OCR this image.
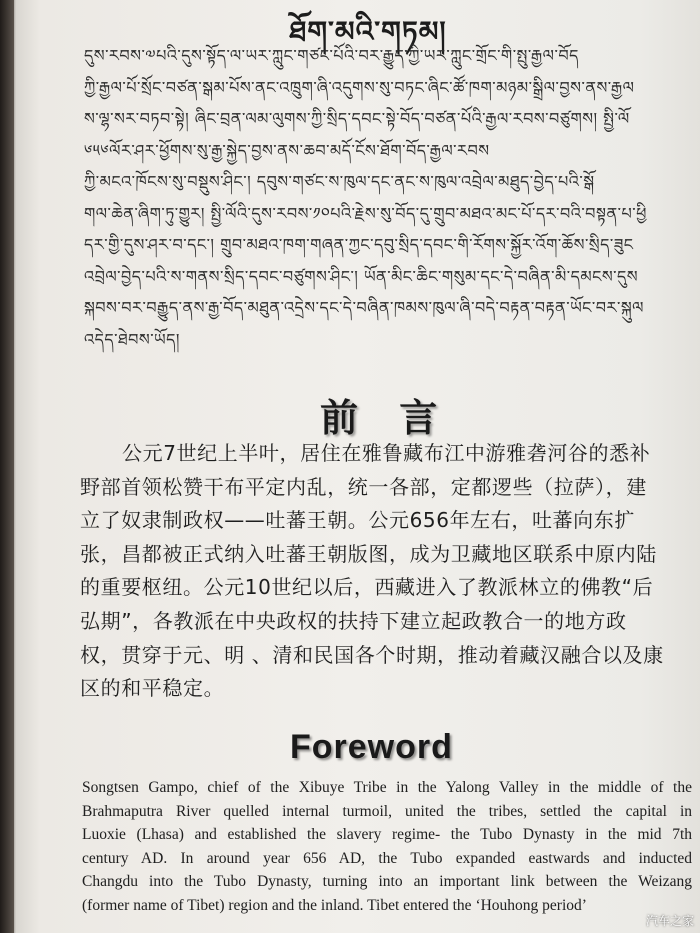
ཐོག་མའི་གཏམ།
དུས་རབས་༧པའི་དུས་སྟོད་ལ་ཡར་ཀླུང་གཙང་པོའི་བར་རྒྱུད་ཀྱི་ཡར་ཀླུང་གྲོང་གི་སྤུ་རྒྱལ་བོད
ཀྱི་རྒྱལ་པོ་སྲོང་བཙན་སྒམ་པོས་ནང་འཁྲུག་ཞི་འདུགས་སུ་བཏང་ཞིང་ཚོ་ཁག་མཉམ་སྒྲིལ་བྱས་ནས་རྒྱལ
ས་ལྷ་སར་བཏབ་སྟེ། ཞིང་བྲན་ལམ་ལུགས་ཀྱི་སྲིད་དབང་སྟེ་བོད་བཙན་པོའི་རྒྱལ་རབས་བཙུགས། སྤྱི་ལོ
༦༥༦ལོར་ཤར་ཕྱོགས་སུ་རྒྱ་སྐྱེད་བྱས་ནས་ཆབ་མདོ་ངོས་ཐོག་བོད་རྒྱལ་རབས
ཀྱི་མངའ་ཁོངས་སུ་བསྡུས་ཤིང་། དབུས་གཙང་ས་ཁུལ་དང་ནང་ས་ཁུལ་འབྲེལ་མཐུད་བྱེད་པའི་སྒོ
གལ་ཆེན་ཞིག་ཏུ་གྱུར། སྤྱི་ལོའི་དུས་རབས་༡༠པའི་རྗེས་སུ་བོད་དུ་གྲུབ་མཐའ་མང་པོ་དར་བའི་བསྟན་པ་ཕྱི
དར་གྱི་དུས་ཤར་བ་དང་། གྲུབ་མཐའ་ཁག་གཞན་ཀྱང་དབུ་སྲིད་དབང་གི་རོགས་སྐྱོར་འོག་ཆོས་སྲིད་ཟུང
འབྲེལ་བྱེད་པའི་ས་གནས་སྲིད་དབང་བཙུགས་ཤིང་། ཡོན་མིང་ཆིང་གསུམ་དང་དེ་བཞིན་མི་དམངས་དུས
སྐབས་བར་བརྒྱུད་ནས་རྒྱ་བོད་མཐུན་འདྲེས་དང་དེ་བཞིན་ཁམས་ཁུལ་ཞི་བདེ་བརྟན་བརྟན་ཡོང་བར་སྐུལ
འདེད་ཐེབས་ཡོད།
前 言
公元7世纪上半叶，居住在雅鲁藏布江中游雅砻河谷的悉补
野部首领松赞干布平定内乱，统一各部，定都逻些（拉萨），建
立了奴隶制政权——吐蕃王朝。公元656年左右，吐蕃向东扩
张，昌都被正式纳入吐蕃王朝版图，成为卫藏地区联系中原内陆
的重要枢纽。公元10世纪以后，西藏进入了教派林立的佛教“后
弘期”，各教派在中央政权的扶持下建立起政教合一的地方政
权，贯穿于元、明 、清和民国各个时期，推动着藏汉融合以及康
区的和平稳定。
Foreword
Songtsen Gampo, chief of the Xibuye Tribe in the Yalong Valley in the middle of the
Brahmaputra River quelled internal turmoil, united the tribes, settled the capital in
Luoxie (Lhasa) and established the slavery regime- the Tubo Dynasty in the mid 7th
century AD. In around year 656 AD, the Tubo expanded eastwards and inducted
Changdu into the Tubo Dynasty, turning into an important link between the Weizang
(former name of Tibet) region and the inland. Tibet entered the ‘Houhong period’
汽车之家
